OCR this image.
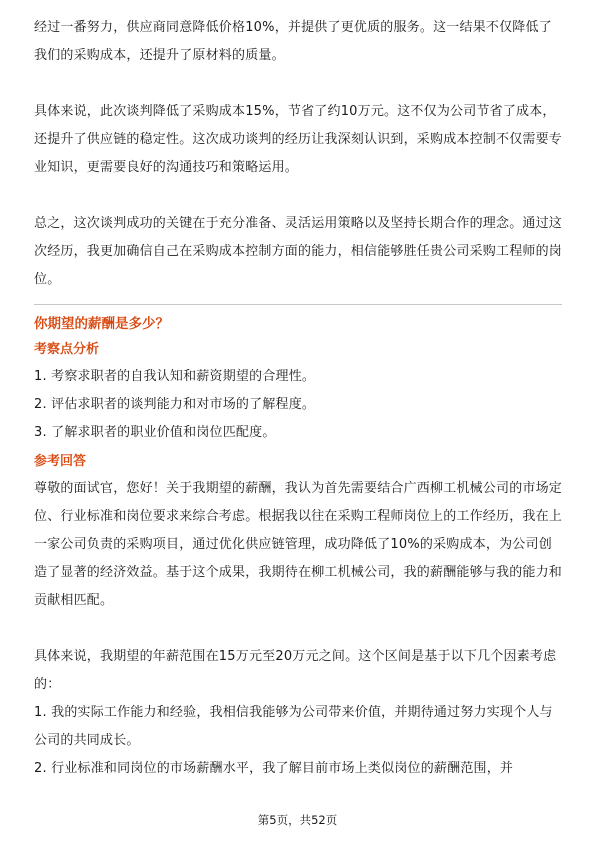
经过一番努力，供应商同意降低价格10%，并提供了更优质的服务。这一结果不仅降低了我们的采购成本，还提升了原材料的质量。

具体来说，此次谈判降低了采购成本15%，节省了约10万元。这不仅为公司节省了成本，还提升了供应链的稳定性。这次成功谈判的经历让我深刻认识到，采购成本控制不仅需要专业知识，更需要良好的沟通技巧和策略运用。

总之，这次谈判成功的关键在于充分准备、灵活运用策略以及坚持长期合作的理念。通过这次经历，我更加确信自己在采购成本控制方面的能力，相信能够胜任贵公司采购工程师的岗位。

你期望的薪酬是多少？

考察点分析

1. 考察求职者的自我认知和薪资期望的合理性。

2. 评估求职者的谈判能力和对市场的了解程度。

3. 了解求职者的职业价值和岗位匹配度。

参考回答

尊敬的面试官，您好！关于我期望的薪酬，我认为首先需要结合广西柳工机械公司的市场定位、行业标准和岗位要求来综合考虑。根据我以往在采购工程师岗位上的工作经历，我在上一家公司负责的采购项目，通过优化供应链管理，成功降低了10%的采购成本，为公司创造了显著的经济效益。基于这个成果，我期待在柳工机械公司，我的薪酬能够与我的能力和贡献相匹配。

具体来说，我期望的年薪范围在15万元至20万元之间。这个区间是基于以下几个因素考虑的：

1. 我的实际工作能力和经验，我相信我能够为公司带来价值，并期待通过努力实现个人与公司的共同成长。

2. 行业标准和同岗位的市场薪酬水平，我了解目前市场上类似岗位的薪酬范围，并

第5页，共52页
